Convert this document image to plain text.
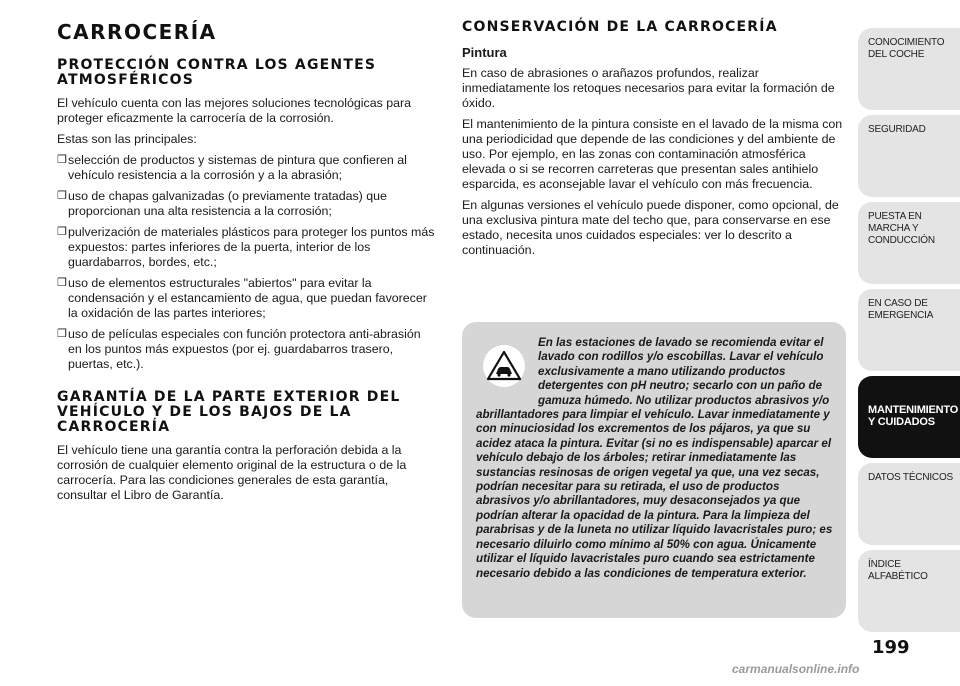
CARROCERÍA
PROTECCIÓN CONTRA LOS AGENTES ATMOSFÉRICOS
El vehículo cuenta con las mejores soluciones tecnológicas para proteger eficazmente la carrocería de la corrosión.
Estas son las principales:
❒ selección de productos y sistemas de pintura que confieren al vehículo resistencia a la corrosión y a la abrasión;
❒ uso de chapas galvanizadas (o previamente tratadas) que proporcionan una alta resistencia a la corrosión;
❒ pulverización de materiales plásticos para proteger los puntos más expuestos: partes inferiores de la puerta, interior de los guardabarros, bordes, etc.;
❒ uso de elementos estructurales "abiertos" para evitar la condensación y el estancamiento de agua, que puedan favorecer la oxidación de las partes interiores;
❒ uso de películas especiales con función protectora anti-abrasión en los puntos más expuestos (por ej. guardabarros trasero, puertas, etc.).
GARANTÍA DE LA PARTE EXTERIOR DEL VEHÍCULO Y DE LOS BAJOS DE LA CARROCERÍA
El vehículo tiene una garantía contra la perforación debida a la corrosión de cualquier elemento original de la estructura o de la carrocería. Para las condiciones generales de esta garantía, consultar el Libro de Garantía.
CONSERVACIÓN DE LA CARROCERÍA
Pintura
En caso de abrasiones o arañazos profundos, realizar inmediatamente los retoques necesarios para evitar la formación de óxido.
El mantenimiento de la pintura consiste en el lavado de la misma con una periodicidad que depende de las condiciones y del ambiente de uso. Por ejemplo, en las zonas con contaminación atmosférica elevada o si se recorren carreteras que presentan sales antihielo esparcida, es aconsejable lavar el vehículo con más frecuencia.
En algunas versiones el vehículo puede disponer, como opcional, de una exclusiva pintura mate del techo que, para conservarse en ese estado, necesita unos cuidados especiales: ver lo descrito a continuación.
En las estaciones de lavado se recomienda evitar el lavado con rodillos y/o escobillas. Lavar el vehículo exclusivamente a mano utilizando productos detergentes con pH neutro; secarlo con un paño de gamuza húmedo. No utilizar productos abrasivos y/o abrillantadores para limpiar el vehículo. Lavar inmediatamente y con minuciosidad los excrementos de los pájaros, ya que su acidez ataca la pintura. Evitar (si no es indispensable) aparcar el vehículo debajo de los árboles; retirar inmediatamente las sustancias resinosas de origen vegetal ya que, una vez secas, podrían necesitar para su retirada, el uso de productos abrasivos y/o abrillantadores, muy desaconsejados ya que podrían alterar la opacidad de la pintura. Para la limpieza del parabrisas y de la luneta no utilizar líquido lavacristales puro; es necesario diluirlo como mínimo al 50% con agua. Únicamente utilizar el líquido lavacristales puro cuando sea estrictamente necesario debido a las condiciones de temperatura exterior.
CONOCIMIENTO DEL COCHE
SEGURIDAD
PUESTA EN MARCHA Y CONDUCCIÓN
EN CASO DE EMERGENCIA
MANTENIMIENTO Y CUIDADOS
DATOS TÉCNICOS
ÍNDICE ALFABÉTICO
199
carmanualsonline.info
